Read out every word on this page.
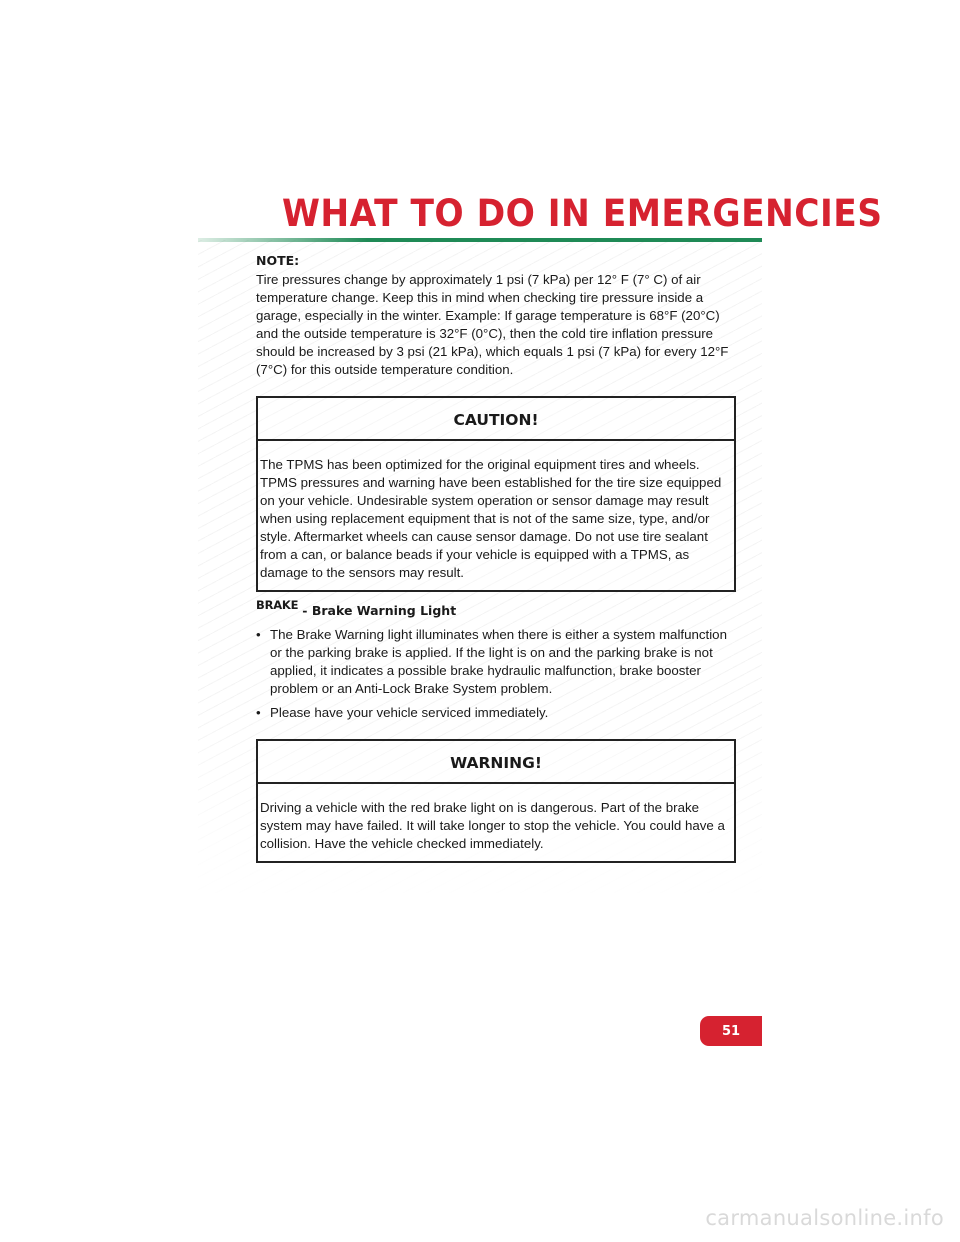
WHAT TO DO IN EMERGENCIES
NOTE:

Tire pressures change by approximately 1 psi (7 kPa) per 12° F (7° C) of air temperature change. Keep this in mind when checking tire pressure inside a garage, especially in the winter. Example: If garage temperature is 68°F (20°C) and the outside temperature is 32°F (0°C), then the cold tire inflation pressure should be increased by 3 psi (21 kPa), which equals 1 psi (7 kPa) for every 12°F (7°C) for this outside temperature condition.

CAUTION!
The TPMS has been optimized for the original equipment tires and wheels. TPMS pressures and warning have been established for the tire size equipped on your vehicle. Undesirable system operation or sensor damage may result when using replacement equipment that is not of the same size, type, and/or style. Aftermarket wheels can cause sensor damage. Do not use tire sealant from a can, or balance beads if your vehicle is equipped with a TPMS, as damage to the sensors may result.
BRAKE - Brake Warning Light
• The Brake Warning light illuminates when there is either a system malfunction or the parking brake is applied. If the light is on and the parking brake is not applied, it indicates a possible brake hydraulic malfunction, brake booster problem or an Anti-Lock Brake System problem.
• Please have your vehicle serviced immediately.
WARNING!
Driving a vehicle with the red brake light on is dangerous. Part of the brake system may have failed. It will take longer to stop the vehicle. You could have a collision. Have the vehicle checked immediately.
51
carmanualsonline.info
